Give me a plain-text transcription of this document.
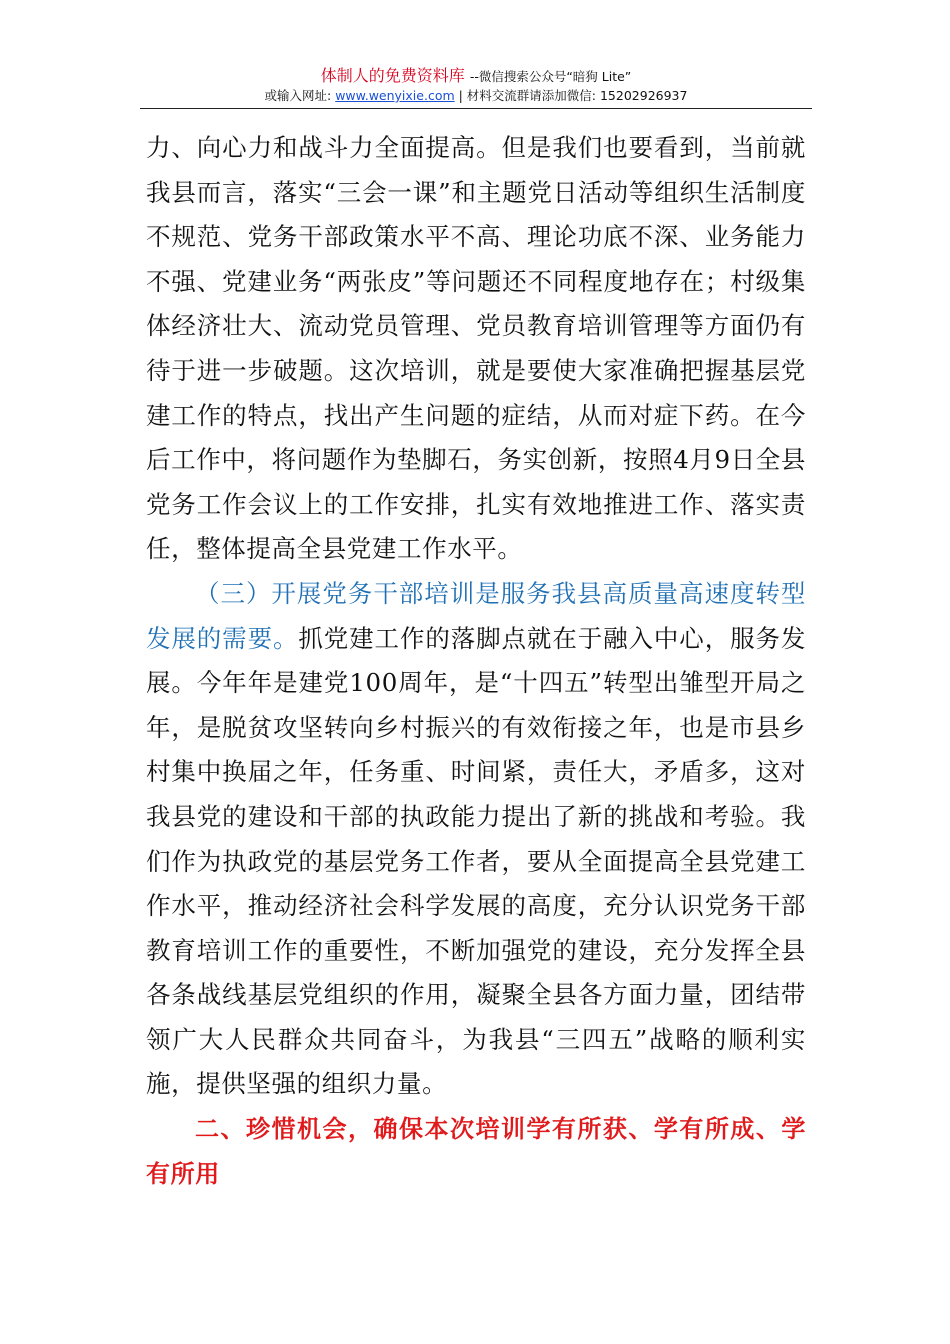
体制人的免费资料库 --微信搜索公众号“暗狗 Lite”
或输入网址: www.wenyixie.com | 材料交流群请添加微信: 15202926937

力、向心力和战斗力全面提高。但是我们也要看到，当前就我县而言，落实“三会一课”和主题党日活动等组织生活制度不规范、党务干部政策水平不高、理论功底不深、业务能力不强、党建业务“两张皮”等问题还不同程度地存在；村级集体经济壮大、流动党员管理、党员教育培训管理等方面仍有待于进一步破题。这次培训，就是要使大家准确把握基层党建工作的特点，找出产生问题的症结，从而对症下药。在今后工作中，将问题作为垫脚石，务实创新，按照4月9日全县党务工作会议上的工作安排，扎实有效地推进工作、落实责任，整体提高全县党建工作水平。

（三）开展党务干部培训是服务我县高质量高速度转型发展的需要。抓党建工作的落脚点就在于融入中心，服务发展。今年年是建党100周年，是“十四五”转型出雏型开局之年，是脱贫攻坚转向乡村振兴的有效衔接之年，也是市县乡村集中换届之年，任务重、时间紧，责任大，矛盾多，这对我县党的建设和干部的执政能力提出了新的挑战和考验。我们作为执政党的基层党务工作者，要从全面提高全县党建工作水平，推动经济社会科学发展的高度，充分认识党务干部教育培训工作的重要性，不断加强党的建设，充分发挥全县各条战线基层党组织的作用，凝聚全县各方面力量，团结带领广大人民群众共同奋斗，为我县“三四五”战略的顺利实施，提供坚强的组织力量。

二、珍惜机会，确保本次培训学有所获、学有所成、学有所用
